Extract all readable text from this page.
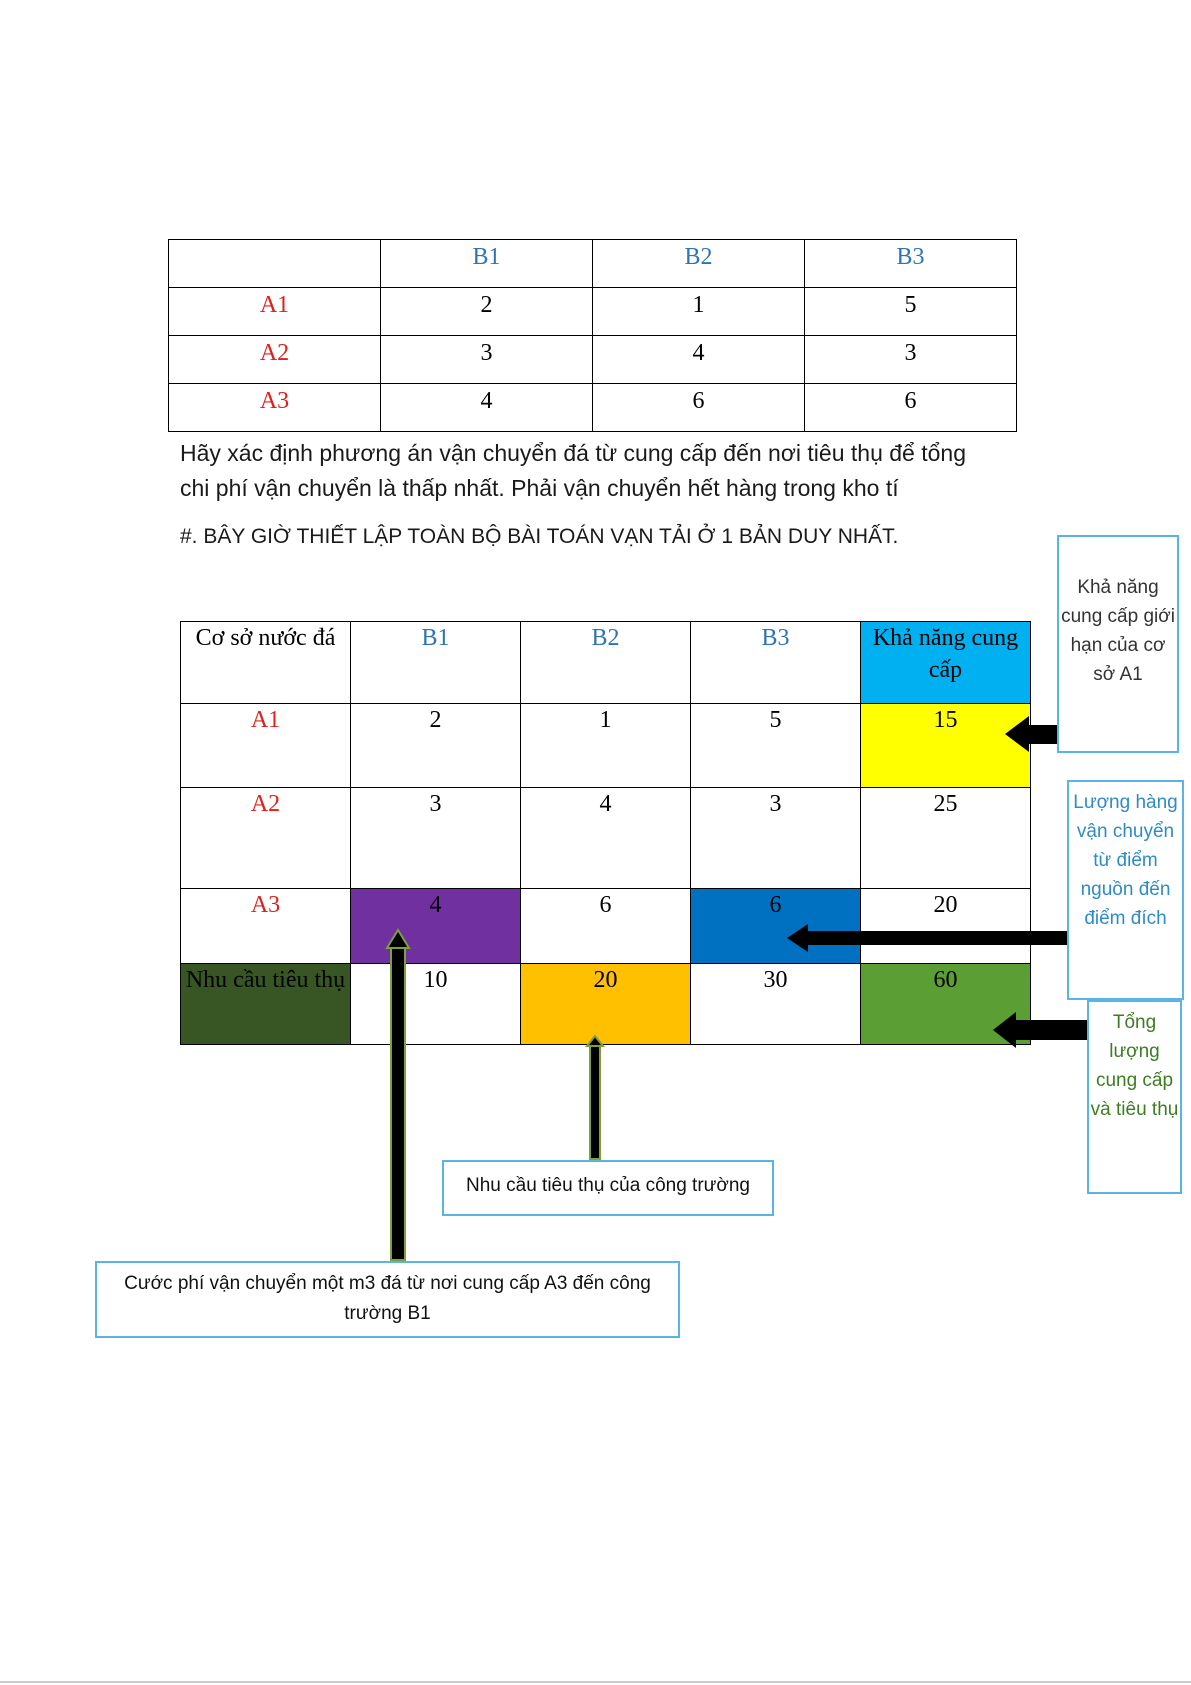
	B1	B2	B3
A1	2	1	5
A2	3	4	3
A3	4	6	6
Hãy xác định phương án vận chuyển đá từ cung cấp đến nơi tiêu thụ để tổng
chi phí vận chuyển là thấp nhất. Phải vận chuyển hết hàng trong kho tí
#. BÂY GIỜ THIẾT LẬP TOÀN BỘ BÀI TOÁN VẠN TẢI Ở 1 BẢN DUY NHẤT.
Cơ sở nước đá	B1	B2	B3	Khả năng cung cấp
A1	2	1	5	15
A2	3	4	3	25
A3	4	6	6	20
Nhu cầu tiêu thụ	10	20	30	60
Khả năng cung cấp giới hạn của cơ sở A1
Lượng hàng vận chuyển từ điểm nguồn đến điểm đích
Tổng lượng cung cấp và tiêu thụ
Nhu cầu tiêu thụ của công trường
Cước phí vận chuyển một m3 đá từ nơi cung cấp A3 đến công trường B1
